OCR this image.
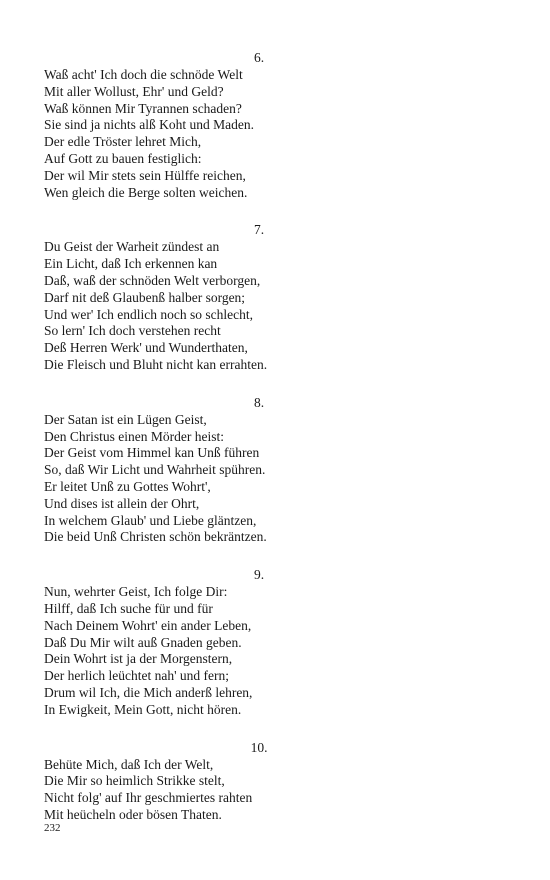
6.
Waß acht' Ich doch die schnöde Welt
Mit aller Wollust, Ehr' und Geld?
Waß können Mir Tyrannen schaden?
Sie sind ja nichts alß Koht und Maden.
Der edle Tröster lehret Mich,
Auf Gott zu bauen festiglich:
Der wil Mir stets sein Hülffe reichen,
Wen gleich die Berge solten weichen.
7.
Du Geist der Warheit zündest an
Ein Licht, daß Ich erkennen kan
Daß, waß der schnöden Welt verborgen,
Darf nit deß Glaubenß halber sorgen;
Und wer' Ich endlich noch so schlecht,
So lern' Ich doch verstehen recht
Deß Herren Werk' und Wunderthaten,
Die Fleisch und Bluht nicht kan errahten.
8.
Der Satan ist ein Lügen Geist,
Den Christus einen Mörder heist:
Der Geist vom Himmel kan Unß führen
So, daß Wir Licht und Wahrheit spühren.
Er leitet Unß zu Gottes Wohrt',
Und dises ist allein der Ohrt,
In welchem Glaub' und Liebe gläntzen,
Die beid Unß Christen schön bekräntzen.
9.
Nun, wehrter Geist, Ich folge Dir:
Hilff, daß Ich suche für und für
Nach Deinem Wohrt' ein ander Leben,
Daß Du Mir wilt auß Gnaden geben.
Dein Wohrt ist ja der Morgenstern,
Der herlich leüchtet nah' und fern;
Drum wil Ich, die Mich anderß lehren,
In Ewigkeit, Mein Gott, nicht hören.
10.
Behüte Mich, daß Ich der Welt,
Die Mir so heimlich Strikke stelt,
Nicht folg' auf Ihr geschmiertes rahten
Mit heücheln oder bösen Thaten.
232
